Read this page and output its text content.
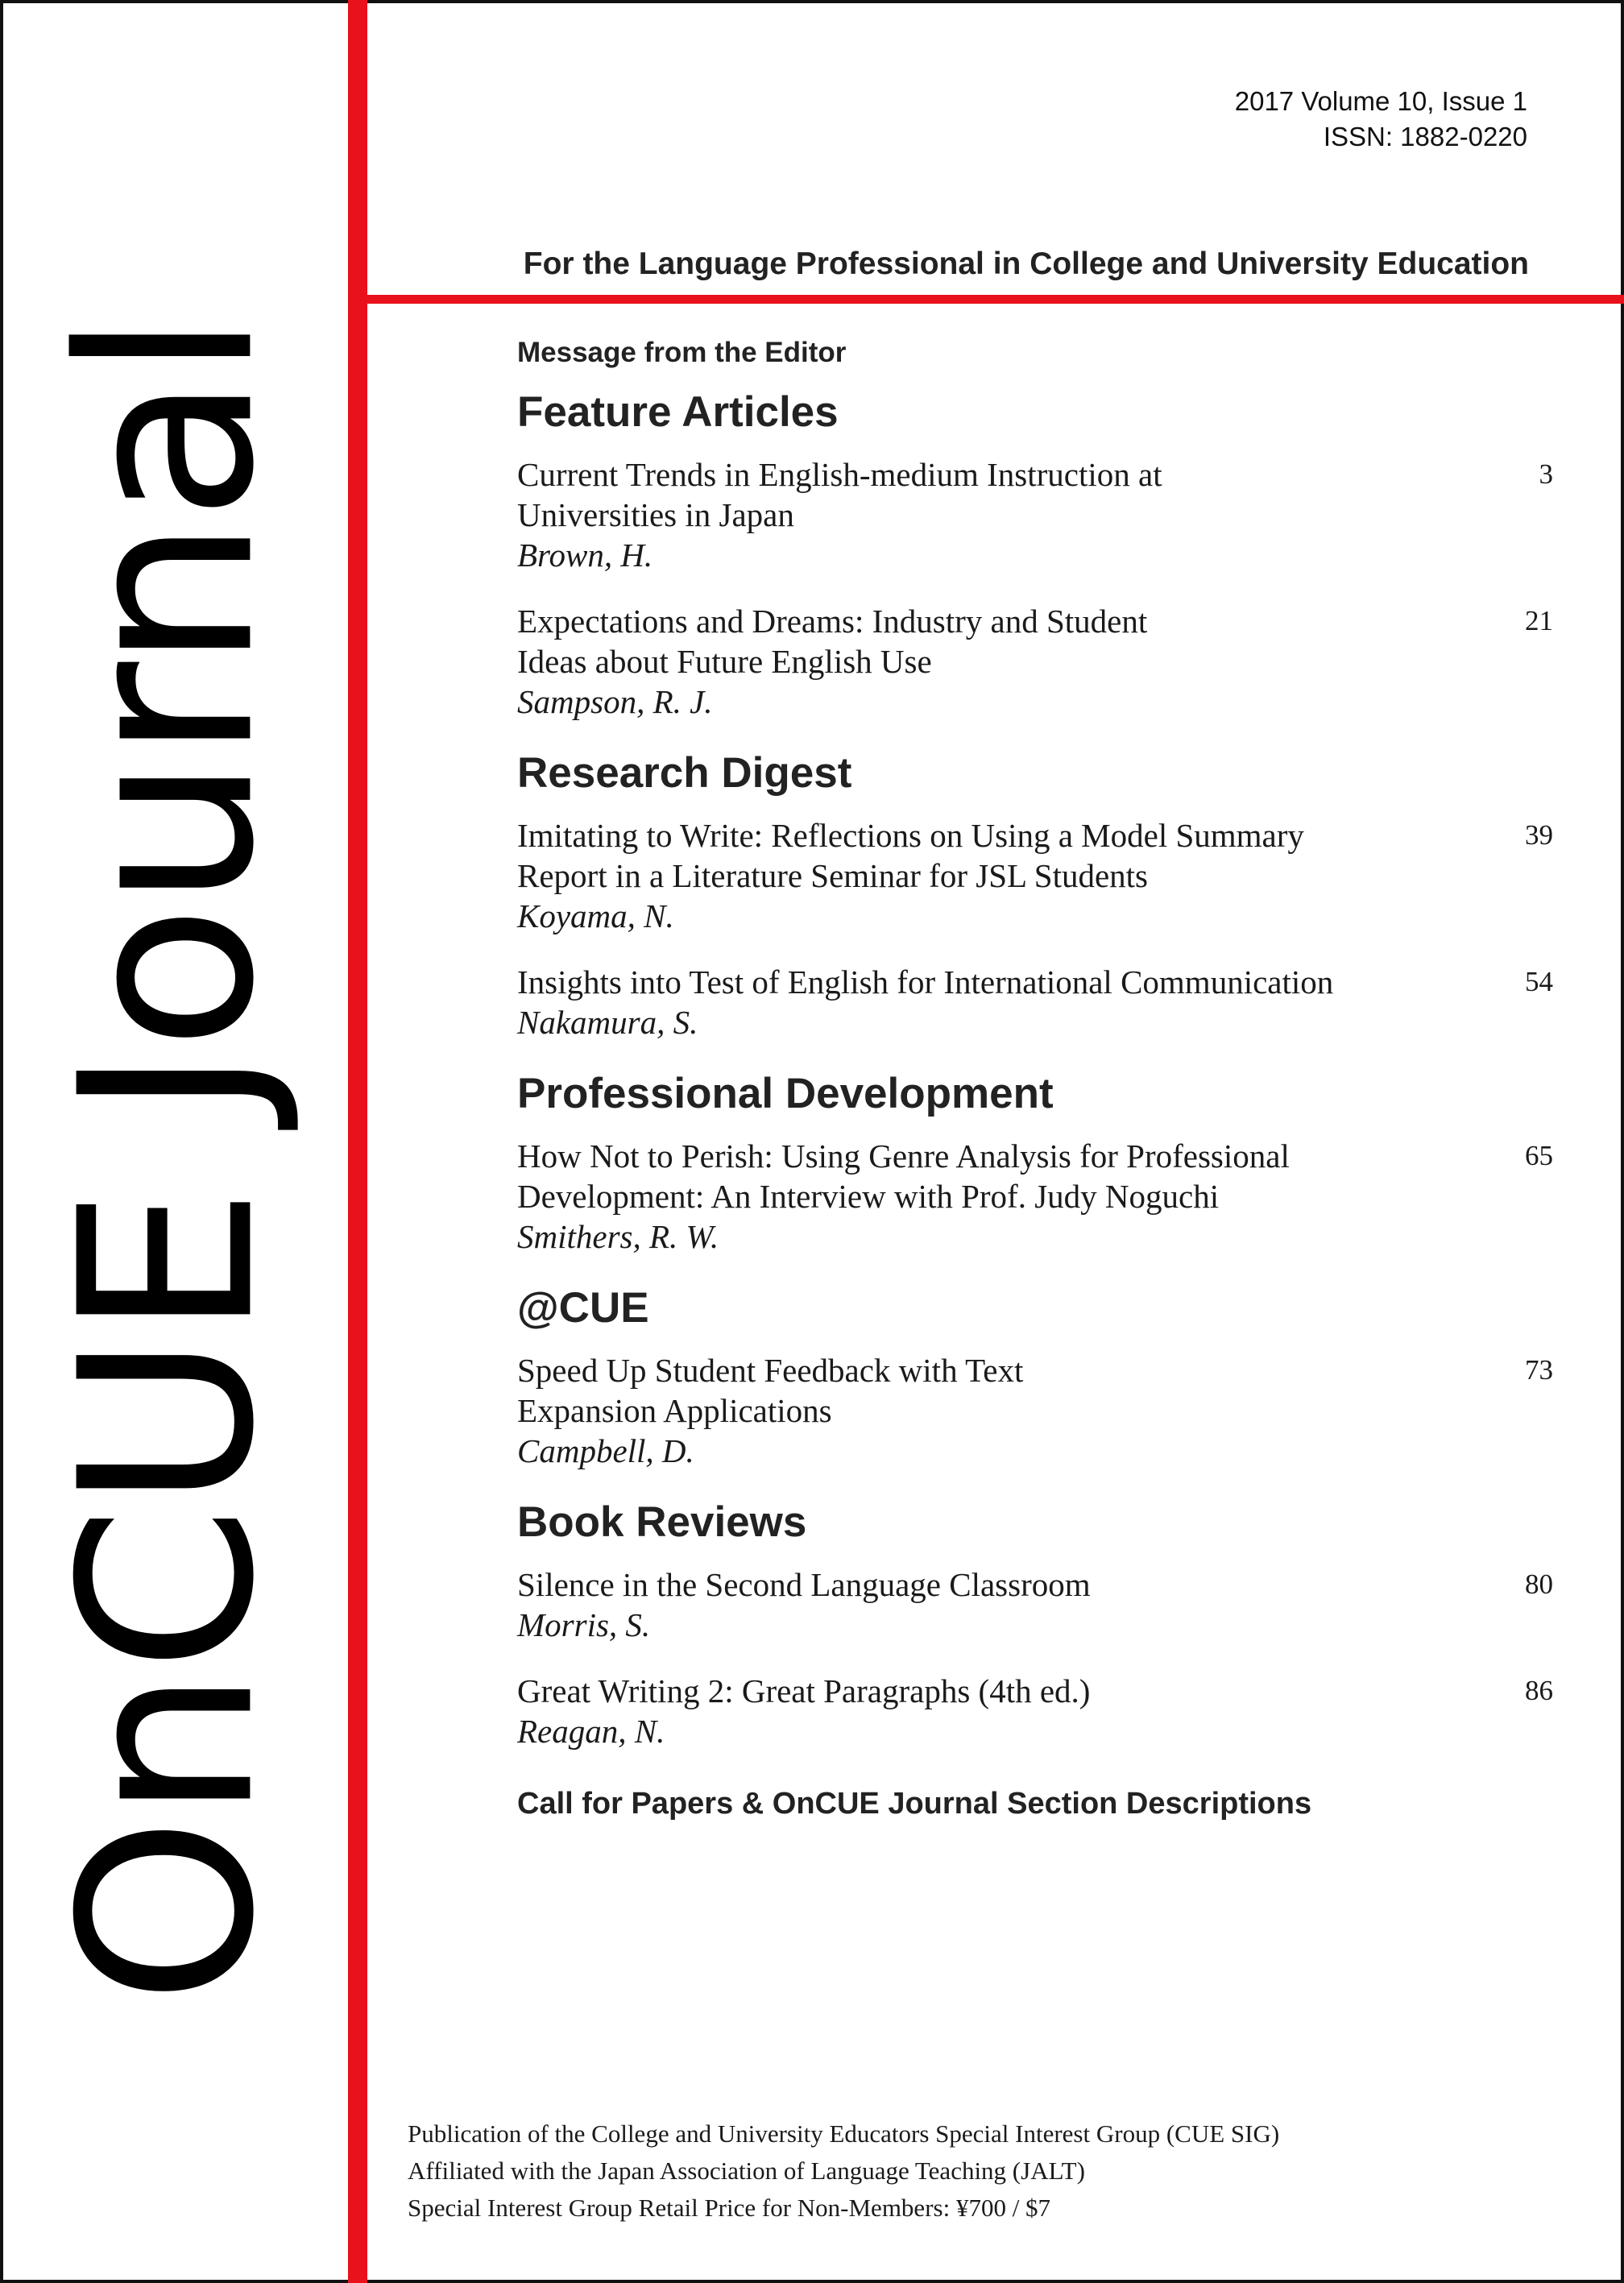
OnCUE Journal
2017 Volume 10, Issue 1
ISSN: 1882-0220
For the Language Professional in College and University Education
Message from the Editor
Feature Articles
Current Trends in English-medium Instruction at
Universities in Japan
Brown, H.
3
Expectations and Dreams: Industry and Student
Ideas about Future English Use
Sampson, R. J.
21
Research Digest
Imitating to Write: Reflections on Using a Model Summary
Report in a Literature Seminar for JSL Students
Koyama, N.
39
Insights into Test of English for International Communication
Nakamura, S.
54
Professional Development
How Not to Perish: Using Genre Analysis for Professional
Development: An Interview with Prof. Judy Noguchi
Smithers, R. W.
65
@CUE
Speed Up Student Feedback with Text
Expansion Applications
Campbell, D.
73
Book Reviews
Silence in the Second Language Classroom
Morris, S.
80
Great Writing 2: Great Paragraphs (4th ed.)
Reagan, N.
86
Call for Papers & OnCUE Journal Section Descriptions
Publication of the College and University Educators Special Interest Group (CUE SIG)
Affiliated with the Japan Association of Language Teaching (JALT)
Special Interest Group Retail Price for Non-Members: ¥700 / $7
